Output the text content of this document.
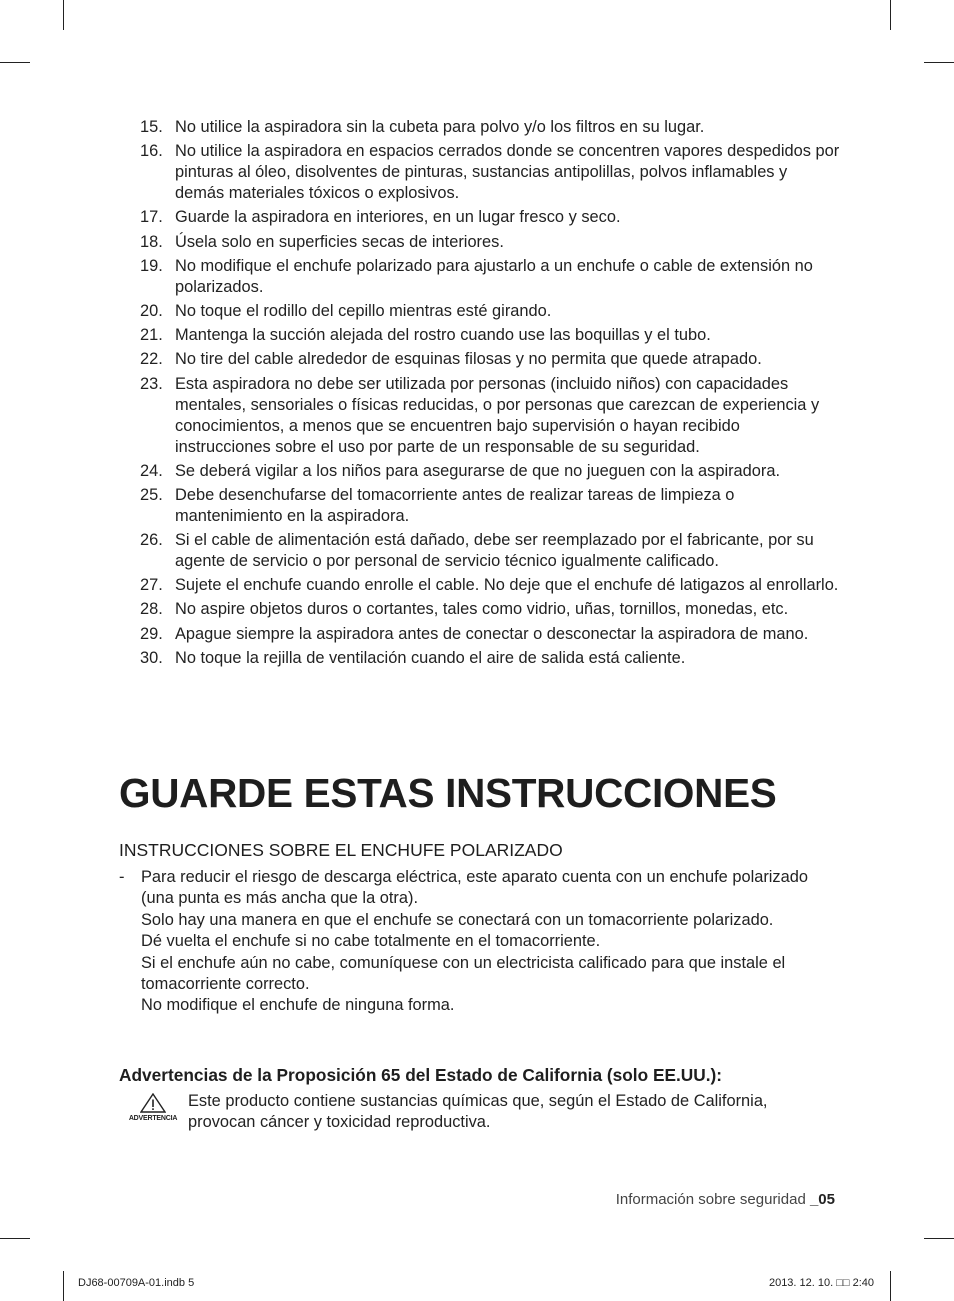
15. No utilice la aspiradora sin la cubeta para polvo y/o los filtros en su lugar.
16. No utilice la aspiradora en espacios cerrados donde se concentren vapores despedidos por pinturas al óleo, disolventes de pinturas, sustancias antipolillas, polvos inflamables y demás materiales tóxicos o explosivos.
17. Guarde la aspiradora en interiores, en un lugar fresco y seco.
18. Úsela solo en superficies secas de interiores.
19. No modifique el enchufe polarizado para ajustarlo a un enchufe o cable de extensión no polarizados.
20. No toque el rodillo del cepillo mientras esté girando.
21. Mantenga la succión alejada del rostro cuando use las boquillas y el tubo.
22. No tire del cable alrededor de esquinas filosas y no permita que quede atrapado.
23. Esta aspiradora no debe ser utilizada por personas (incluido niños) con capacidades mentales, sensoriales o físicas reducidas, o por personas que carezcan de experiencia y conocimientos, a menos que se encuentren bajo supervisión o hayan recibido instrucciones sobre el uso por parte de un responsable de su seguridad.
24. Se deberá vigilar a los niños para asegurarse de que no jueguen con la aspiradora.
25. Debe desenchufarse del tomacorriente antes de realizar tareas de limpieza o mantenimiento en la aspiradora.
26. Si el cable de alimentación está dañado, debe ser reemplazado por el fabricante, por su agente de servicio o por personal de servicio técnico igualmente calificado.
27. Sujete el enchufe cuando enrolle el cable. No deje que el enchufe dé latigazos al enrollarlo.
28. No aspire objetos duros o cortantes, tales como vidrio, uñas, tornillos, monedas, etc.
29. Apague siempre la aspiradora antes de conectar o desconectar la aspiradora de mano.
30. No toque la rejilla de ventilación cuando el aire de salida está caliente.
GUARDE ESTAS INSTRUCCIONES
INSTRUCCIONES SOBRE EL ENCHUFE POLARIZADO
- Para reducir el riesgo de descarga eléctrica, este aparato cuenta con un enchufe polarizado (una punta es más ancha que la otra).
Solo hay una manera en que el enchufe se conectará con un tomacorriente polarizado.
Dé vuelta el enchufe si no cabe totalmente en el tomacorriente.
Si el enchufe aún no cabe, comuníquese con un electricista calificado para que instale el tomacorriente correcto.
No modifique el enchufe de ninguna forma.
Advertencias de la Proposición 65 del Estado de California (solo EE.UU.):
ADVERTENCIA
Este producto contiene sustancias químicas que, según el Estado de California, provocan cáncer y toxicidad reproductiva.
Información sobre seguridad _05
DJ68-00709A-01.indb 5	2013. 12. 10. □□ 2:40
